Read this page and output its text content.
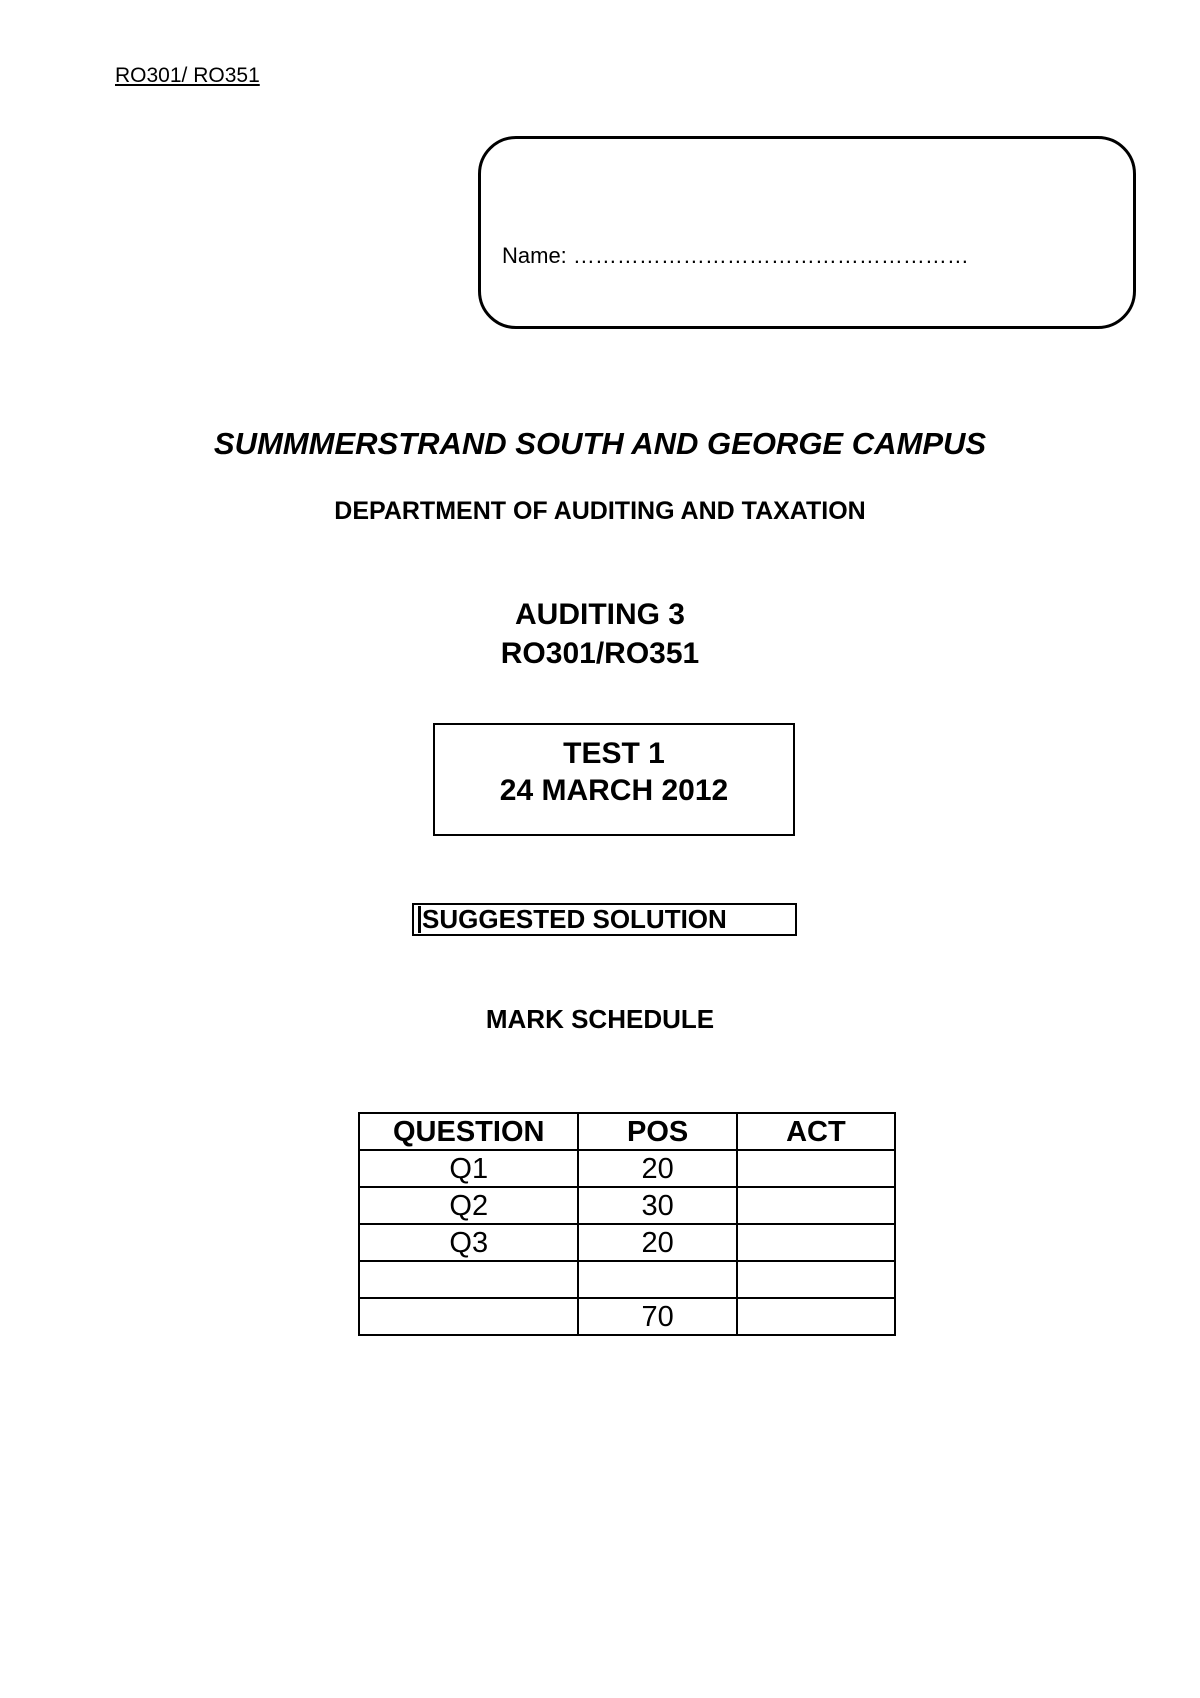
RO301/ RO351
Name: ………………………………………………
SUMMMERSTRAND SOUTH AND GEORGE CAMPUS
DEPARTMENT OF AUDITING AND TAXATION
AUDITING 3
RO301/RO351
TEST 1
24 MARCH 2012
SUGGESTED SOLUTION
MARK SCHEDULE
QUESTION	POS	ACT
Q1	20	
Q2	30	
Q3	20	

	70	
